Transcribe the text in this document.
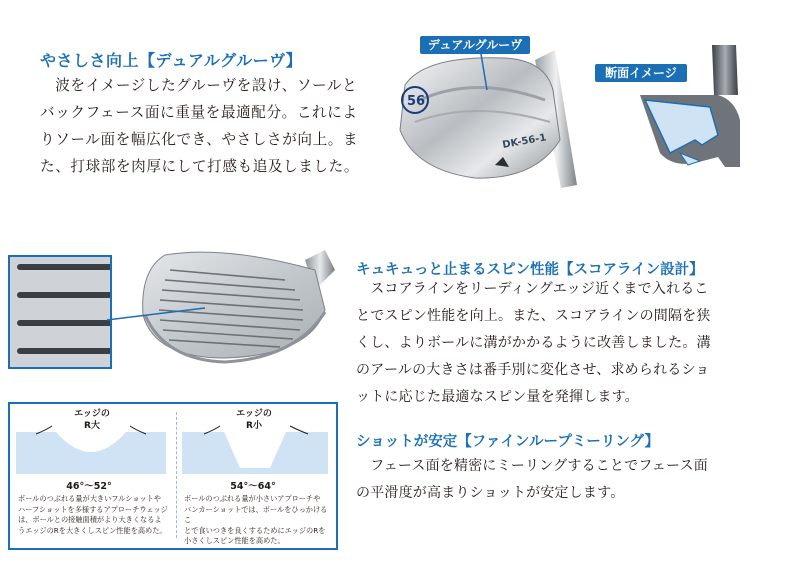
やさしさ向上【デュアルグルーヴ】
　波をイメージしたグルーヴを設け、ソールと
バックフェース面に重量を最適配分。これによ
りソール面を幅広化でき、やさしさが向上。ま
た、打球部を肉厚にして打感も追及しました。
56
DK-56-1
デュアルグルーヴ
断面イメージ
エッジの
R大
46°～52°
ボールのつぶれる量が大きいフルショットや
ハーフショットを多様するアプローチウェッジ
は、ボールとの接触面積がより大きくなるよ
うエッジのRを大きくしスピン性能を高めた。
エッジの
R小
54°～64°
ボールのつぶれる量が小さいアプローチや
バンカーショットでは、ボールをひっかけるこ
とで食いつきを良くするためにエッジのRを
小さくしスピン性能を高めた。
キュキュっと止まるスピン性能【スコアライン設計】
　スコアラインをリーディングエッジ近くまで入れるこ
とでスピン性能を向上。また、スコアラインの間隔を狭
くし、よりボールに溝がかかるように改善しました。溝
のアールの大きさは番手別に変化させ、求められるショ
ットに応じた最適なスピン量を発揮します。
ショットが安定【ファインループミーリング】
　フェース面を精密にミーリングすることでフェース面
の平滑度が高まりショットが安定します。
